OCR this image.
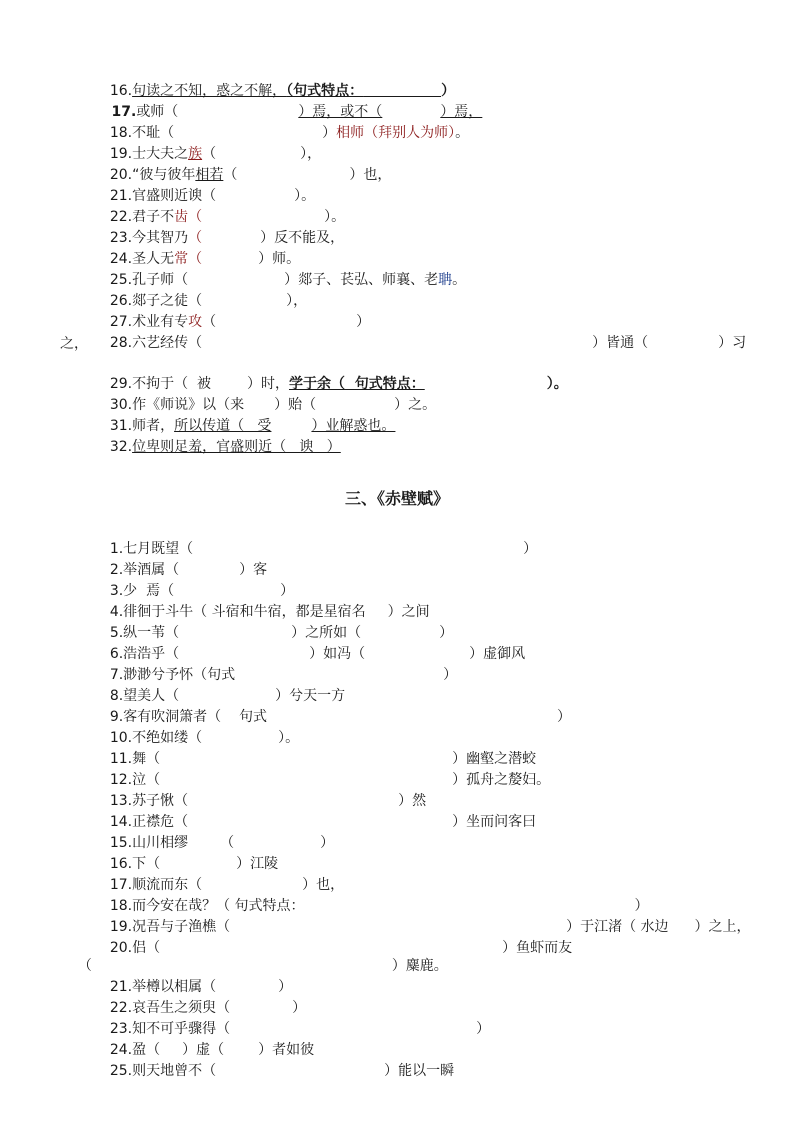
16.句读之不知，惑之不解，（句式特点：	）

17.或师（	）焉，或不（	）焉，

18.不耻（	）相师（拜别人为师）。

19.士大夫之族（	），

20.“彼与彼年相若（	）也，

21.官盛则近谀（	）。

22.君子不齿（	）。

23.今其智乃（	）反不能及，

24.圣人无常（	）师。

25.孔子师（	）郯子、苌弘、师襄、老聃。

26.郯子之徒（	），

27.术业有专攻（	）

28.六艺经传（	）皆通（	）习

之，

29.不拘于（  被	）时，学于余（  句式特点：	）。

30.作《师说》以（来 ）贻（	）之。

31.师者，所以传道（   受	）业解惑也。

32.位卑则足羞，官盛则近（   谀   ）

三、《赤壁赋》

1.七月既望（	）

2.举酒属（	）客

3.少  焉（	）

4.徘徊于斗牛（ 斗宿和牛宿，都是星宿名 ）之间

5.纵一苇（	）之所如（	）

6.浩浩乎（	）如冯（	）虚御风

7.渺渺兮予怀（句式	）

8.望美人（	）兮天一方

9.客有吹洞箫者（    句式	）

10.不绝如缕（	）。

11.舞（	）幽壑之潜蛟

12.泣（	）孤舟之嫠妇。

13.苏子愀（	）然

14.正襟危（	）坐而问客曰

15.山川相缪 （	）

16.下（	）江陵

17.顺流而东（	）也，

18.而今安在哉？（ 句式特点：	）

19.况吾与子渔樵（	）于江渚（ 水边 ）之上，

20.侣（	）鱼虾而友

（	）麋鹿。

21.举樽以相属（	）

22.哀吾生之须臾（	）

23.知不可乎骤得（	）

24.盈（ ）虚（ ）者如彼

25.则天地曾不（	）能以一瞬
